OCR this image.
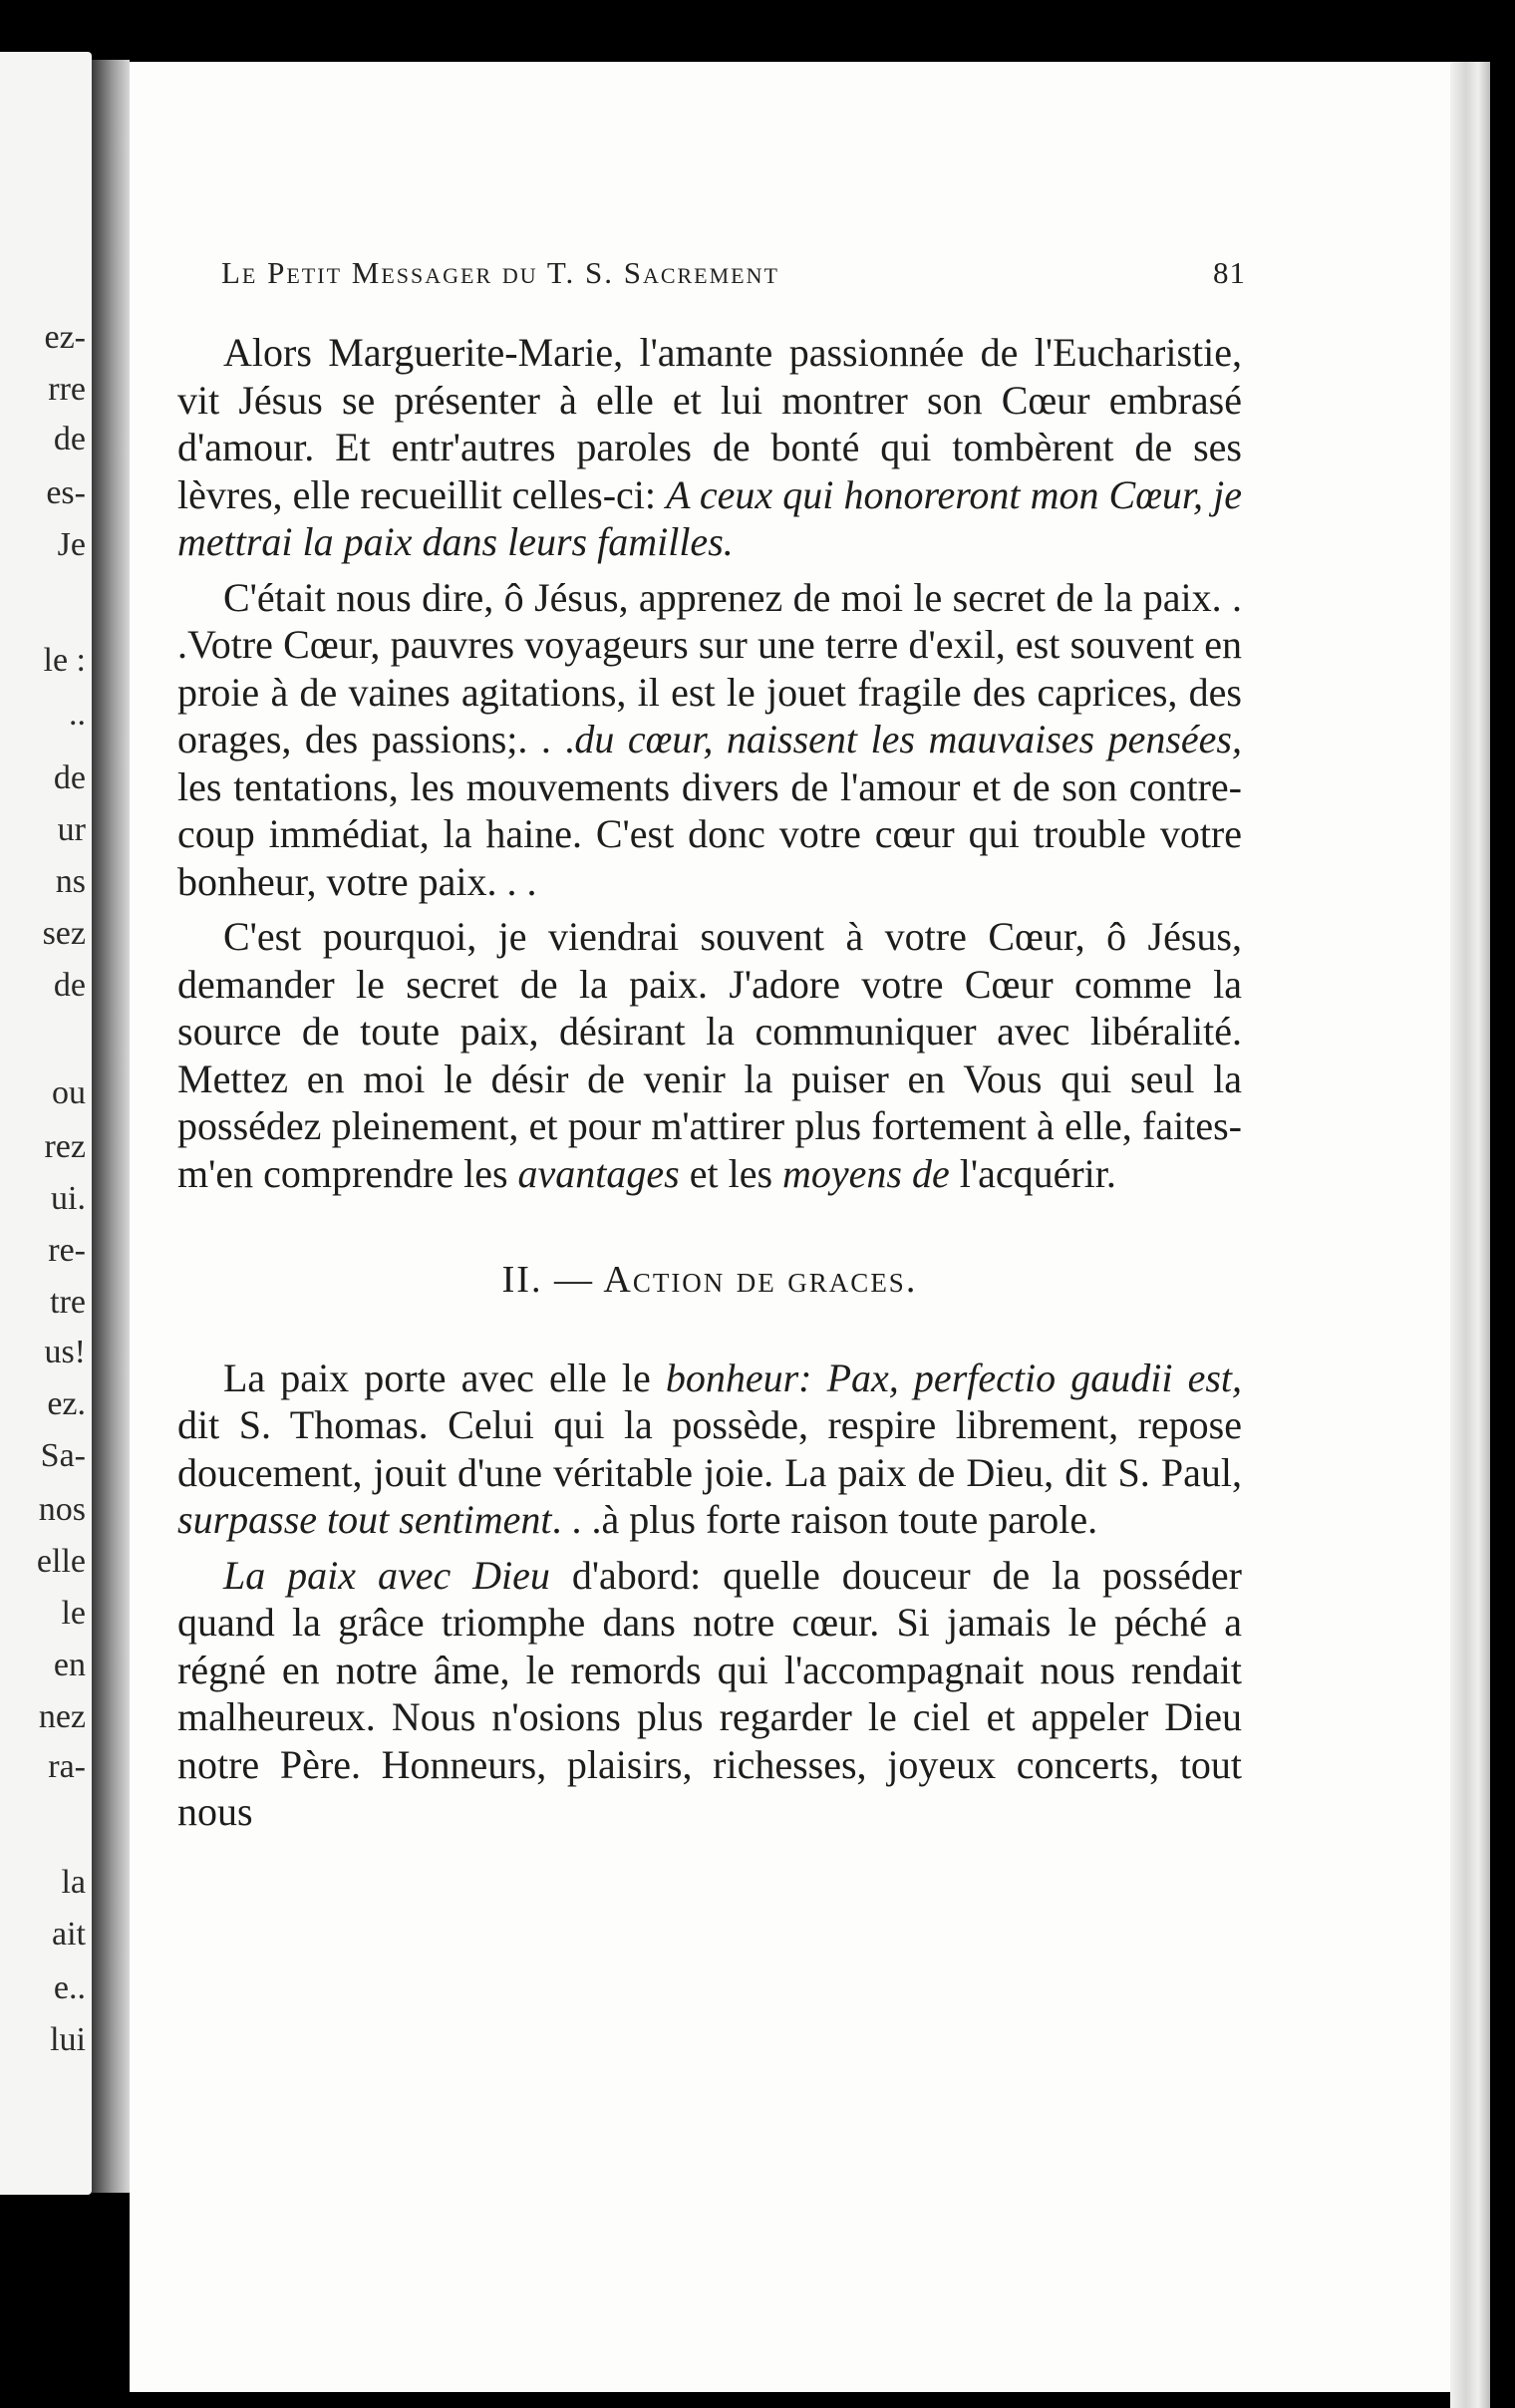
ez-
rre
de
es-
Je
le :
..
de
ur
ns
sez
de
ou
rez
ui.
re-
tre
us!
ez.
Sa-
nos
elle
le
en
nez
ra-
la
ait
e..
lui
Le Petit Messager du T. S. Sacrement	81

Alors Marguerite-Marie, l'amante passionnée de l'Eucharistie, vit Jésus se présenter à elle et lui montrer son Cœur embrasé d'amour. Et entr'autres paroles de bonté qui tombèrent de ses lèvres, elle recueillit celles-ci: A ceux qui honoreront mon Cœur, je mettrai la paix dans leurs familles.

C'était nous dire, ô Jésus, apprenez de moi le secret de la paix. . .Votre Cœur, pauvres voyageurs sur une terre d'exil, est souvent en proie à de vaines agitations, il est le jouet fragile des caprices, des orages, des passions;. . .du cœur, naissent les mauvaises pensées, les tentations, les mouvements divers de l'amour et de son contre-coup immédiat, la haine. C'est donc votre cœur qui trouble votre bonheur, votre paix. . .

C'est pourquoi, je viendrai souvent à votre Cœur, ô Jésus, demander le secret de la paix. J'adore votre Cœur comme la source de toute paix, désirant la communiquer avec libéralité. Mettez en moi le désir de venir la puiser en Vous qui seul la possédez pleinement, et pour m'attirer plus fortement à elle, faites-m'en comprendre les avantages et les moyens de l'acquérir.

II. — Action de graces.

La paix porte avec elle le bonheur: Pax, perfectio gaudii est, dit S. Thomas. Celui qui la possède, respire librement, repose doucement, jouit d'une véritable joie. La paix de Dieu, dit S. Paul, surpasse tout sentiment. . .à plus forte raison toute parole.

La paix avec Dieu d'abord: quelle douceur de la posséder quand la grâce triomphe dans notre cœur. Si jamais le péché a régné en notre âme, le remords qui l'accompagnait nous rendait malheureux. Nous n'osions plus regarder le ciel et appeler Dieu notre Père. Honneurs, plaisirs, richesses, joyeux concerts, tout nous
